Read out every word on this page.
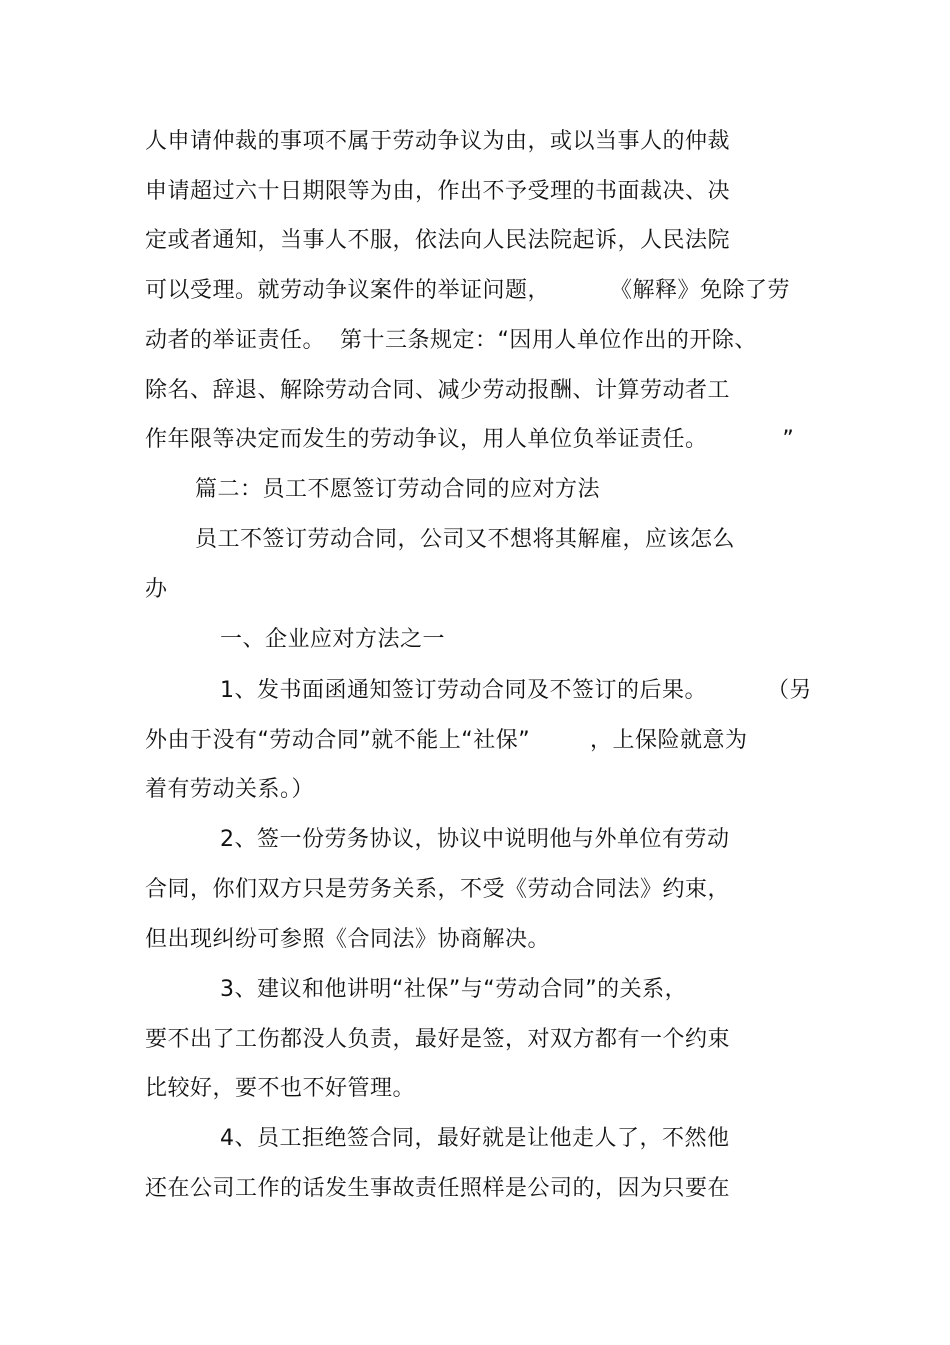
人申请仲裁的事项不属于劳动争议为由，或以当事人的仲裁
申请超过六十日期限等为由，作出不予受理的书面裁决、决
定或者通知，当事人不服，依法向人民法院起诉，人民法院
可以受理。就劳动争议案件的举证问题，        《解释》免除了劳
动者的举证责任。  第十三条规定：“因用人单位作出的开除、
除名、辞退、解除劳动合同、减少劳动报酬、计算劳动者工
作年限等决定而发生的劳动争议，用人单位负举证责任。          ”
篇二：员工不愿签订劳动合同的应对方法
员工不签订劳动合同，公司又不想将其解雇，应该怎么
办
一、企业应对方法之一
1、发书面函通知签订劳动合同及不签订的后果。        （另
外由于没有“劳动合同”就不能上“社保”        ，上保险就意为
着有劳动关系。）
2、签一份劳务协议，协议中说明他与外单位有劳动
合同，你们双方只是劳务关系，不受《劳动合同法》约束，
但出现纠纷可参照《合同法》协商解决。
3、建议和他讲明“社保”与“劳动合同”的关系，
要不出了工伤都没人负责，最好是签，对双方都有一个约束
比较好，要不也不好管理。
4、员工拒绝签合同，最好就是让他走人了，不然他
还在公司工作的话发生事故责任照样是公司的，因为只要在
